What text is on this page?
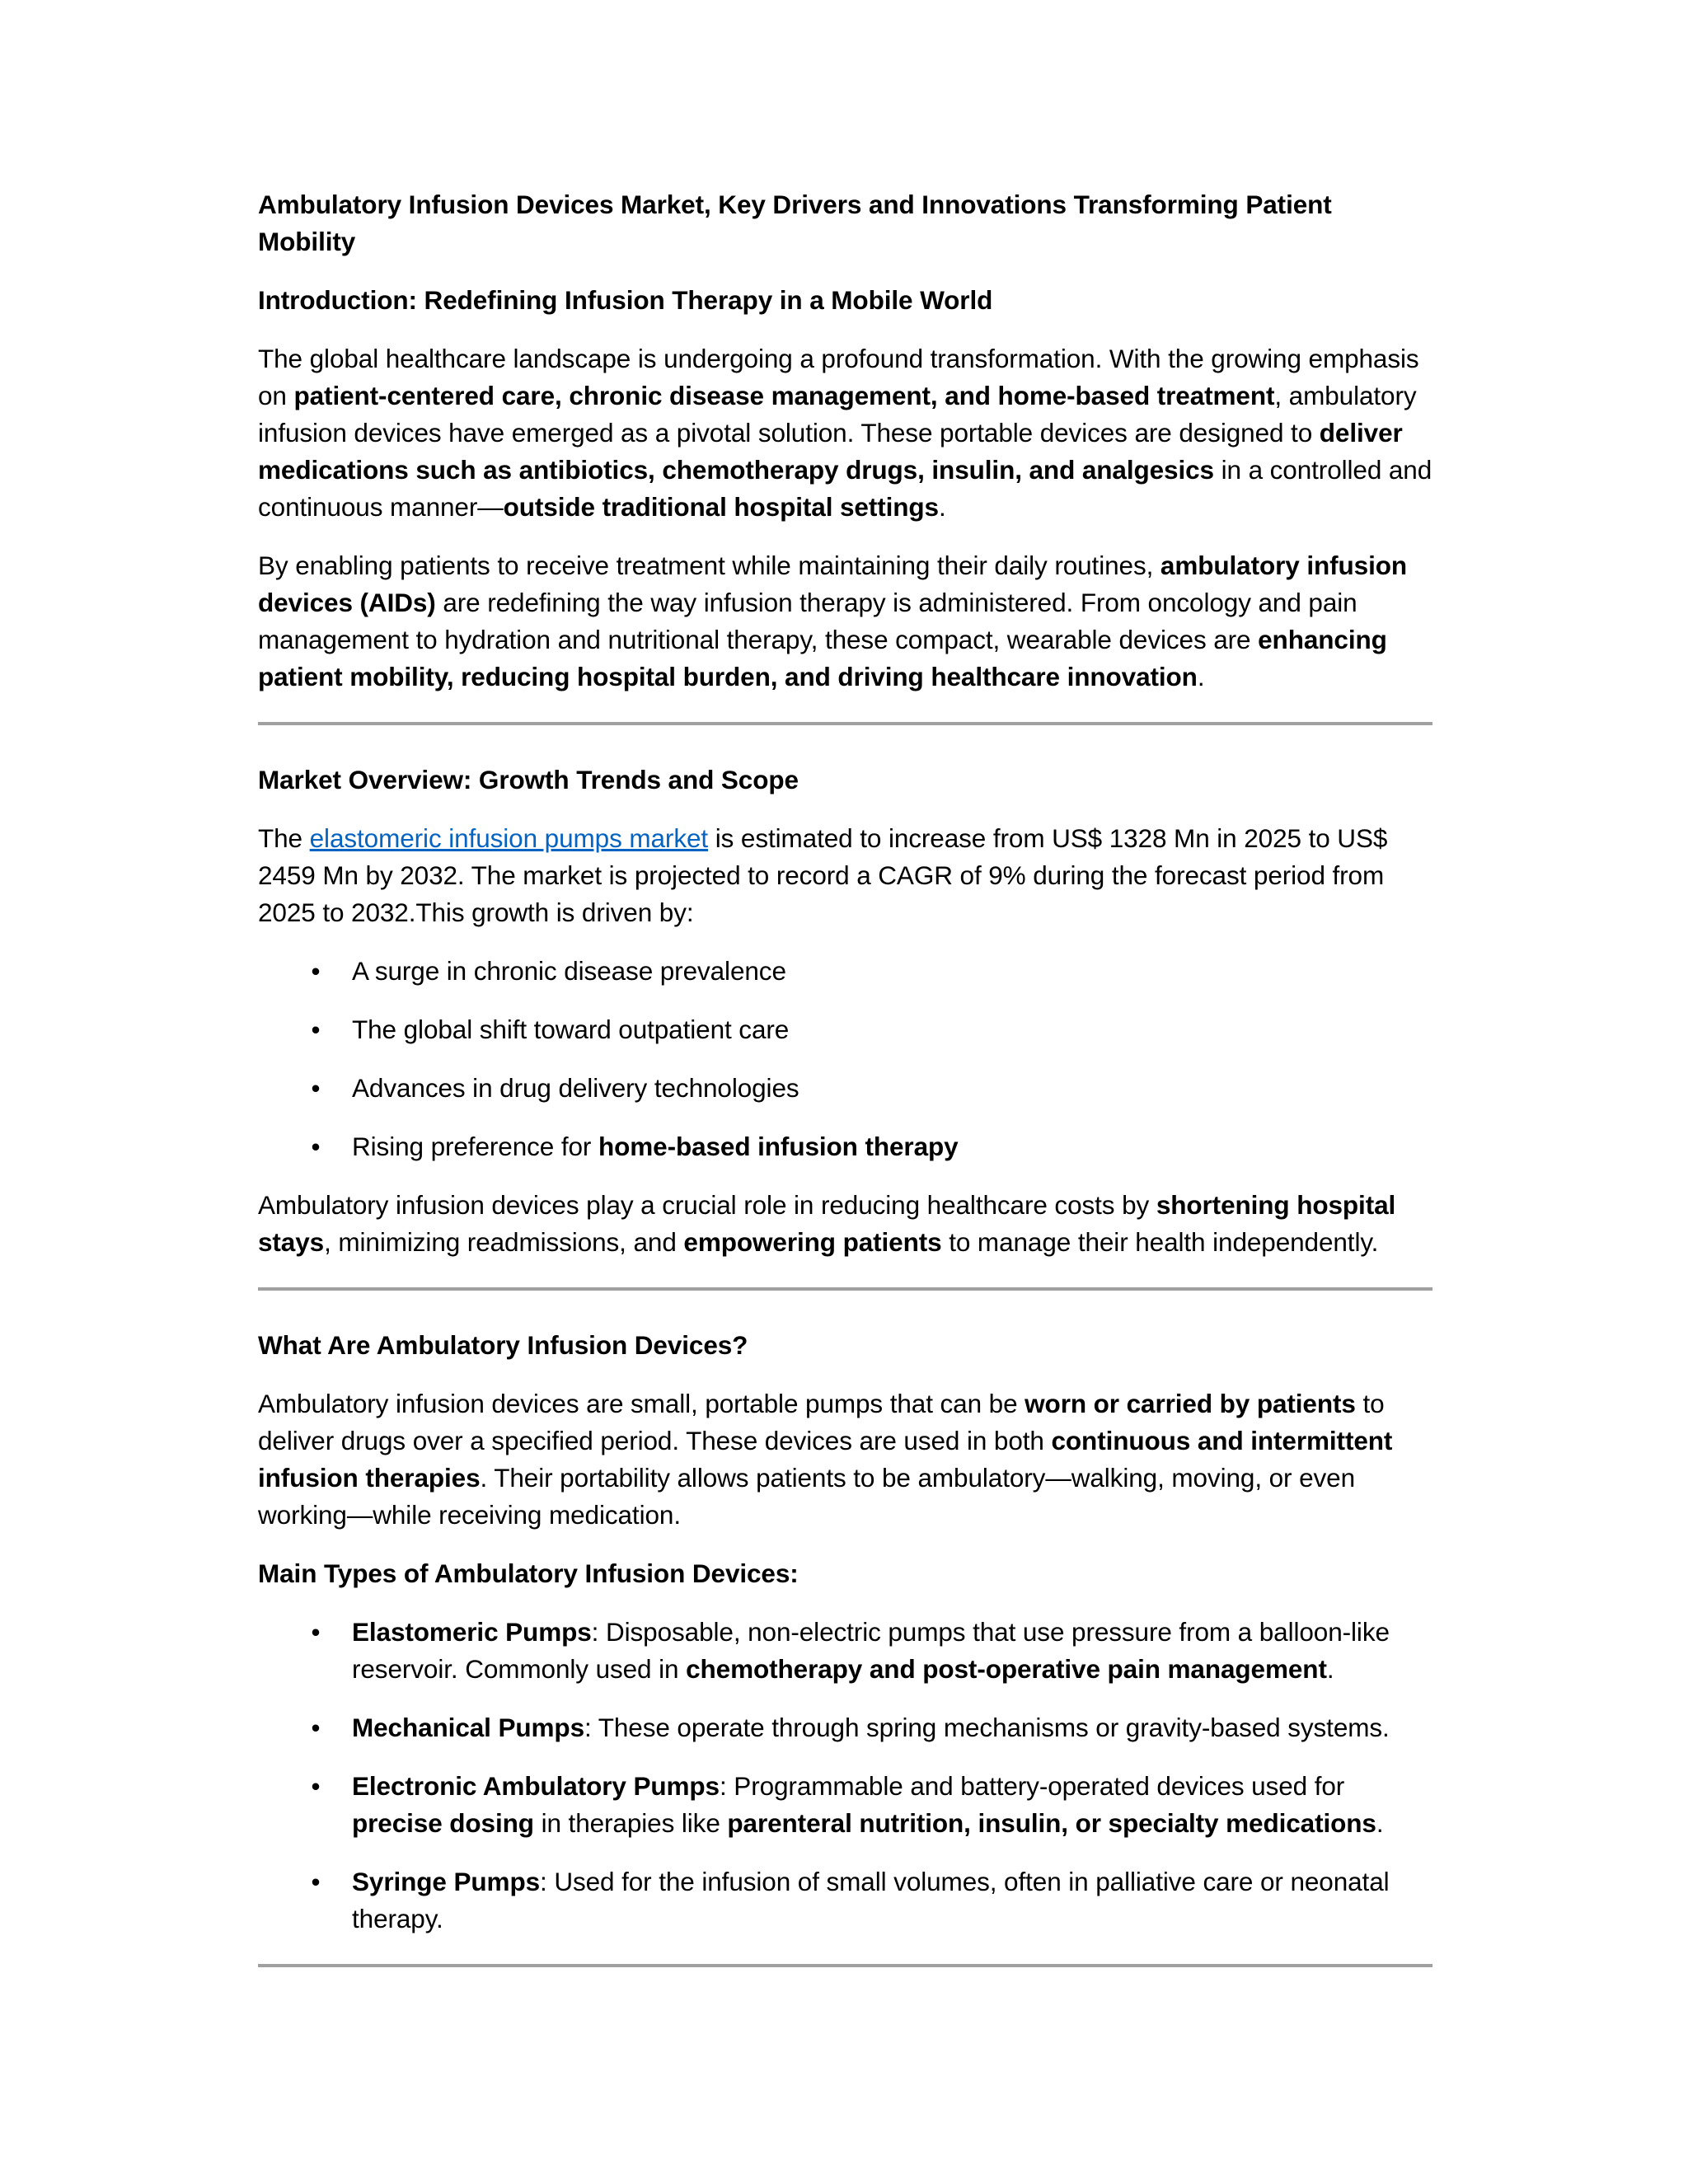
Ambulatory Infusion Devices Market, Key Drivers and Innovations Transforming Patient Mobility
Introduction: Redefining Infusion Therapy in a Mobile World

The global healthcare landscape is undergoing a profound transformation. With the growing emphasis on patient-centered care, chronic disease management, and home-based treatment, ambulatory infusion devices have emerged as a pivotal solution. These portable devices are designed to deliver medications such as antibiotics, chemotherapy drugs, insulin, and analgesics in a controlled and continuous manner—outside traditional hospital settings.

By enabling patients to receive treatment while maintaining their daily routines, ambulatory infusion devices (AIDs) are redefining the way infusion therapy is administered. From oncology and pain management to hydration and nutritional therapy, these compact, wearable devices are enhancing patient mobility, reducing hospital burden, and driving healthcare innovation.

Market Overview: Growth Trends and Scope

The elastomeric infusion pumps market is estimated to increase from US$ 1328 Mn in 2025 to US$ 2459 Mn by 2032. The market is projected to record a CAGR of 9% during the forecast period from 2025 to 2032.This growth is driven by:

• A surge in chronic disease prevalence
• The global shift toward outpatient care
• Advances in drug delivery technologies
• Rising preference for home-based infusion therapy

Ambulatory infusion devices play a crucial role in reducing healthcare costs by shortening hospital stays, minimizing readmissions, and empowering patients to manage their health independently.

What Are Ambulatory Infusion Devices?

Ambulatory infusion devices are small, portable pumps that can be worn or carried by patients to deliver drugs over a specified period. These devices are used in both continuous and intermittent infusion therapies. Their portability allows patients to be ambulatory—walking, moving, or even working—while receiving medication.

Main Types of Ambulatory Infusion Devices:
• Elastomeric Pumps: Disposable, non-electric pumps that use pressure from a balloon-like reservoir. Commonly used in chemotherapy and post-operative pain management.
• Mechanical Pumps: These operate through spring mechanisms or gravity-based systems.
• Electronic Ambulatory Pumps: Programmable and battery-operated devices used for precise dosing in therapies like parenteral nutrition, insulin, or specialty medications.
• Syringe Pumps: Used for the infusion of small volumes, often in palliative care or neonatal therapy.
